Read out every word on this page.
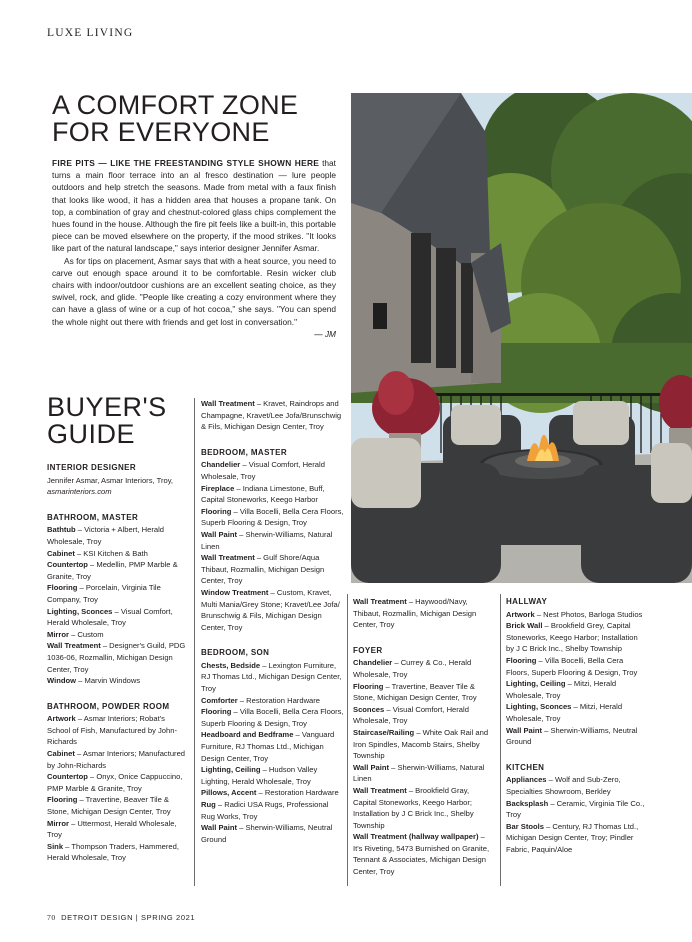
LUXE LIVING
A COMFORT ZONE
FOR EVERYONE

FIRE PITS — LIKE THE FREESTANDING STYLE SHOWN HERE that turns a main floor terrace into an al fresco destination — lure people outdoors and help stretch the seasons. Made from metal with a faux finish that looks like wood, it has a hidden area that houses a propane tank. On top, a combination of gray and chestnut-colored glass chips complement the hues found in the house. Although the fire pit feels like a built-in, this portable piece can be moved elsewhere on the property, if the mood strikes. "It looks like part of the natural landscape," says interior designer Jennifer Asmar.

As for tips on placement, Asmar says that with a heat source, you need to carve out enough space around it to be comfortable. Resin wicker club chairs with indoor/outdoor cushions are an excellent seating choice, as they swivel, rock, and glide. "People like creating a cozy environment where they can have a glass of wine or a cup of hot cocoa," she says. "You can spend the whole night out there with friends and get lost in conversation."

— JM

BUYER'S
GUIDE
INTERIOR DESIGNER
Jennifer Asmar, Asmar Interiors, Troy,
asmarinteriors.com
BATHROOM, MASTER
Bathtub – Victoria + Albert, Herald Wholesale, Troy
Cabinet – KSI Kitchen & Bath
Countertop – Medellin, PMP Marble & Granite, Troy
Flooring – Porcelain, Virginia Tile Company, Troy
Lighting, Sconces – Visual Comfort, Herald Wholesale, Troy
Mirror – Custom
Wall Treatment – Designer's Guild, PDG 1036-06, Rozmallin, Michigan Design Center, Troy
Window – Marvin Windows
BATHROOM, POWDER ROOM
Artwork – Asmar Interiors; Robat's School of Fish, Manufactured by John-Richards
Cabinet – Asmar Interiors; Manufactured by John-Richards
Countertop – Onyx, Onice Cappuccino, PMP Marble & Granite, Troy
Flooring – Travertine, Beaver Tile & Stone, Michigan Design Center, Troy
Mirror – Uttermost, Herald Wholesale, Troy
Sink – Thompson Traders, Hammered, Herald Wholesale, Troy
Wall Treatment – Kravet, Raindrops and Champagne, Kravet/Lee Jofa/Brunschwig & Fils, Michigan Design Center, Troy
BEDROOM, MASTER
Chandelier – Visual Comfort, Herald Wholesale, Troy
Fireplace – Indiana Limestone, Buff, Capital Stoneworks, Keego Harbor
Flooring – Villa Bocelli, Bella Cera Floors, Superb Flooring & Design, Troy
Wall Paint – Sherwin-Williams, Natural Linen
Wall Treatment – Gulf Shore/Aqua Thibaut, Rozmallin, Michigan Design Center, Troy
Window Treatment – Custom, Kravet, Multi Mania/Grey Stone; Kravet/Lee Jofa/ Brunschwig & Fils, Michigan Design Center, Troy
BEDROOM, SON
Chests, Bedside – Lexington Furniture, RJ Thomas Ltd., Michigan Design Center, Troy
Comforter – Restoration Hardware
Flooring – Villa Bocelli, Bella Cera Floors, Superb Flooring & Design, Troy
Headboard and Bedframe – Vanguard Furniture, RJ Thomas Ltd., Michigan Design Center, Troy
Lighting, Ceiling – Hudson Valley Lighting, Herald Wholesale, Troy
Pillows, Accent – Restoration Hardware
Rug – Radici USA Rugs, Professional Rug Works, Troy
Wall Paint – Sherwin-Williams, Neutral Ground
Wall Treatment – Haywood/Navy, Thibaut, Rozmallin, Michigan Design Center, Troy
FOYER
Chandelier – Currey & Co., Herald Wholesale, Troy
Flooring – Travertine, Beaver Tile & Stone, Michigan Design Center, Troy
Sconces – Visual Comfort, Herald Wholesale, Troy
Staircase/Railing – White Oak Rail and Iron Spindles, Macomb Stairs, Shelby Township
Wall Paint – Sherwin-Williams, Natural Linen
Wall Treatment – Brookfield Gray, Capital Stoneworks, Keego Harbor; Installation by J C Brick Inc., Shelby Township
Wall Treatment (hallway wallpaper) – It's Riveting, 5473 Burnished on Granite, Tennant & Associates, Michigan Design Center, Troy
HALLWAY
Artwork – Nest Photos, Barloga Studios
Brick Wall – Brookfield Grey, Capital Stoneworks, Keego Harbor; Installation by J C Brick Inc., Shelby Township
Flooring – Villa Bocelli, Bella Cera Floors, Superb Flooring & Design, Troy
Lighting, Ceiling – Mitzi, Herald Wholesale, Troy
Lighting, Sconces – Mitzi, Herald Wholesale, Troy
Wall Paint – Sherwin-Williams, Neutral Ground
KITCHEN
Appliances – Wolf and Sub-Zero, Specialties Showroom, Berkley
Backsplash – Ceramic, Virginia Tile Co., Troy
Bar Stools – Century, RJ Thomas Ltd., Michigan Design Center, Troy; Pindler Fabric, Paquin/Aloe
70 DETROIT DESIGN | SPRING 2021
